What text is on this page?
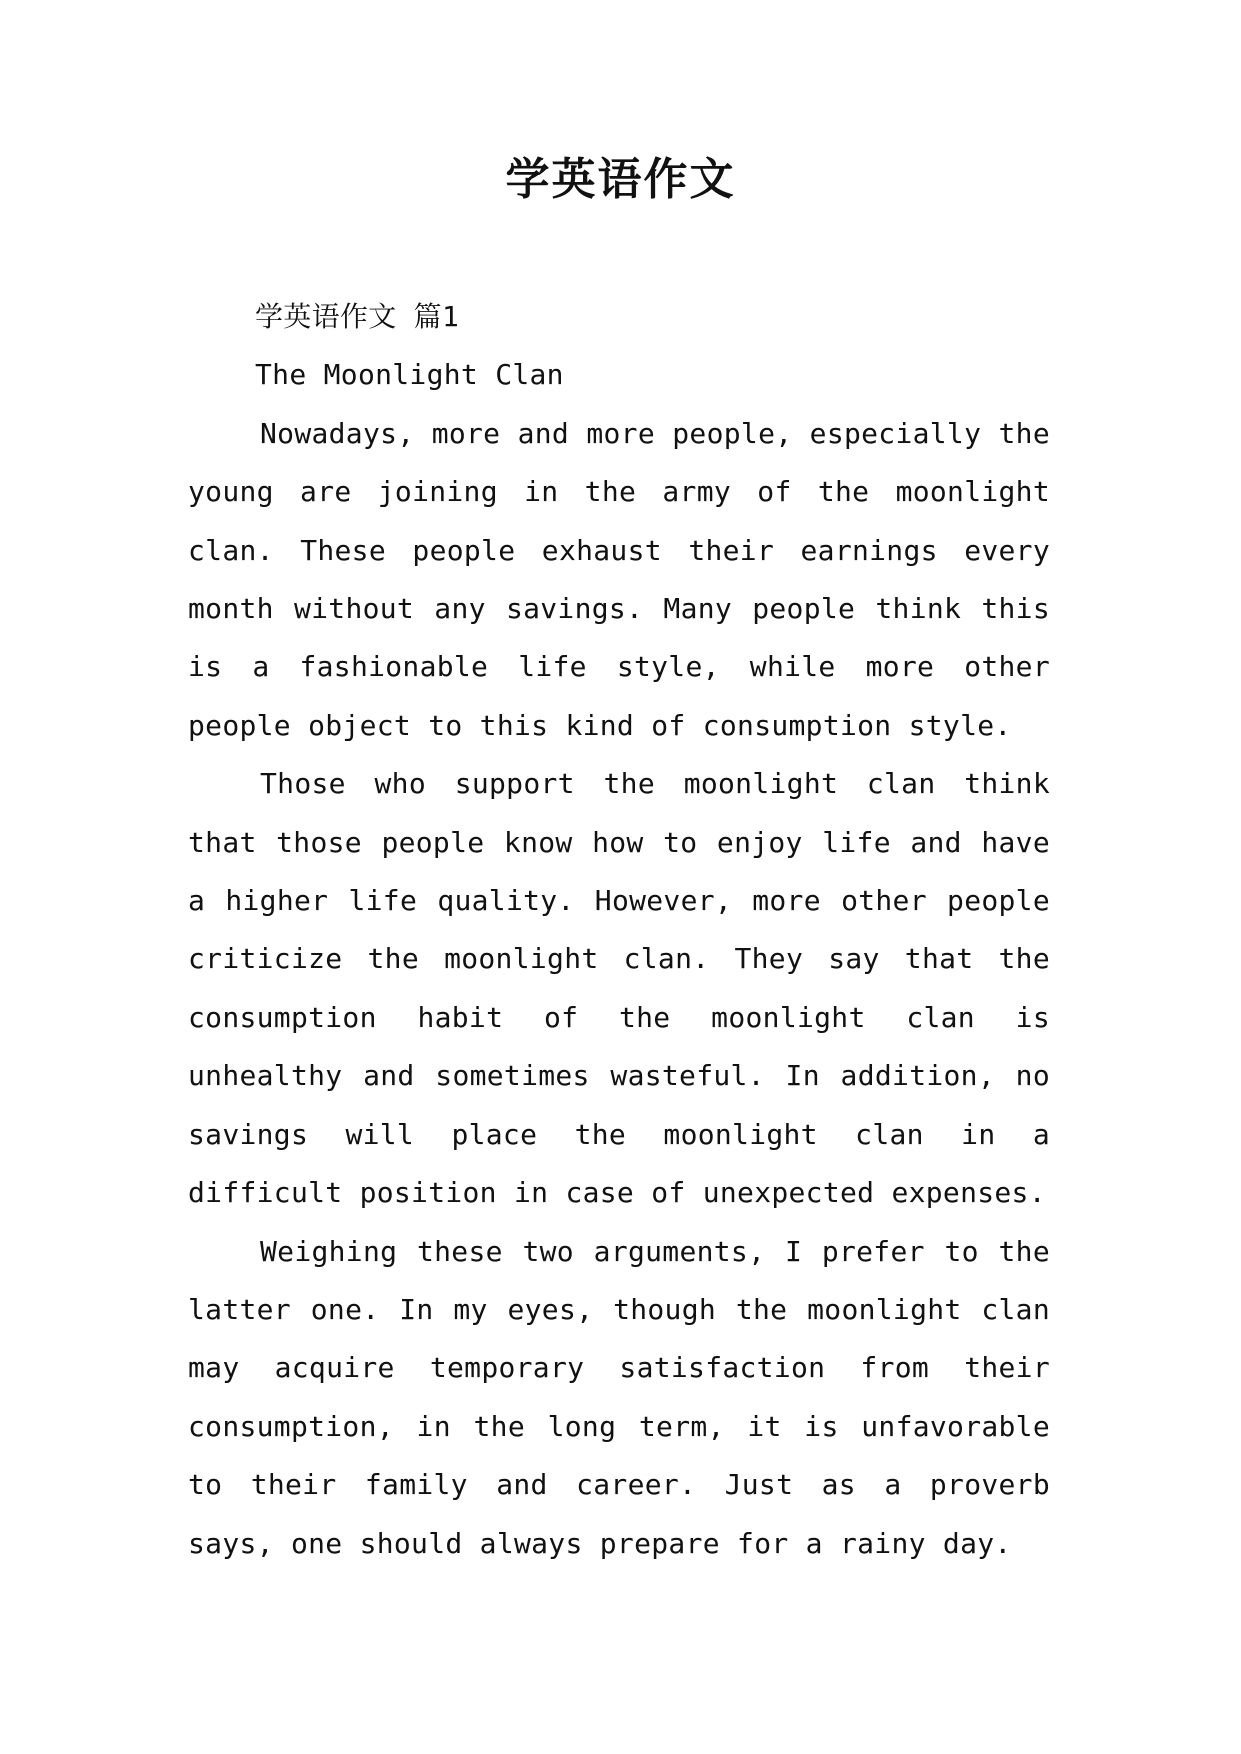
学英语作文

学英语作文 篇1

The Moonlight Clan

Nowadays, more and more people, especially the young are joining in the army of the moonlight clan. These people exhaust their earnings every month without any savings. Many people think this is a fashionable life style, while more other people object to this kind of consumption style.

Those who support the moonlight clan think that those people know how to enjoy life and have a higher life quality. However, more other people criticize the moonlight clan. They say that the consumption habit of the moonlight clan is unhealthy and sometimes wasteful. In addition, no savings will place the moonlight clan in a difficult position in case of unexpected expenses.

Weighing these two arguments, I prefer to the latter one. In my eyes, though the moonlight clan may acquire temporary satisfaction from their consumption, in the long term, it is unfavorable to their family and career. Just as a proverb says, one should always prepare for a rainy day.
